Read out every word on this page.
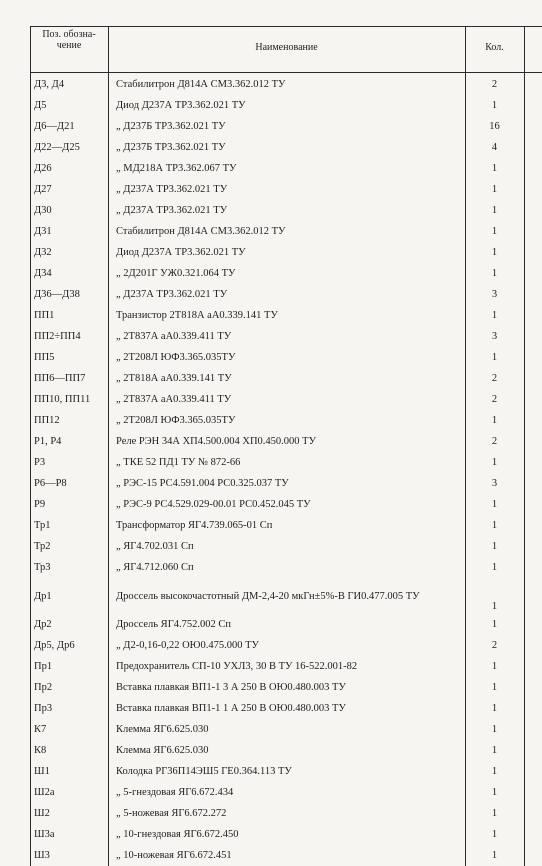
Поз. обозна-чение	Наименование	Кол.
Д3, Д4	Стабилитрон Д814А СМ3.362.012 ТУ	2	
Д5	Диод Д237А ТР3.362.021 ТУ	1	
Д6—Д21	„ Д237Б ТР3.362.021 ТУ	16	
Д22—Д25	„ Д237Б ТР3.362.021 ТУ	4	
Д26	„ МД218А ТР3.362.067 ТУ	1	
Д27	„ Д237А ТР3.362.021 ТУ	1	
Д30	„ Д237А ТР3.362.021 ТУ	1	
Д31	Стабилитрон Д814А СМ3.362.012 ТУ	1	
Д32	Диод Д237А ТР3.362.021 ТУ	1	
Д34	„ 2Д201Г УЖ0.321.064 ТУ	1	
Д36—Д38	„ Д237А ТР3.362.021 ТУ	3	
ПП1	Транзистор 2Т818А аА0.339.141 ТУ	1	
ПП2÷ПП4	„ 2Т837А аА0.339.411 ТУ	3	
ПП5	„ 2Т208Л ЮФ3.365.035ТУ	1	
ПП6—ПП7	„ 2Т818А аА0.339.141 ТУ	2	
ПП10, ПП11	„ 2Т837А аА0.339.411 ТУ	2	
ПП12	„ 2Т208Л ЮФ3.365.035ТУ	1	
Р1, Р4	Реле РЭН 34А ХП4.500.004 ХП0.450.000 ТУ	2	
Р3	„ ТКЕ 52 ПД1 ТУ № 872-66	1	
Р6—Р8	„ РЭС-15 РС4.591.004 РС0.325.037 ТУ	3	
Р9	„ РЭС-9 РС4.529.029-00.01 РС0.452.045 ТУ	1	
Тр1	Трансформатор ЯГ4.739.065-01 Сп	1	
Тр2	„ ЯГ4.702.031 Сп	1	
Тр3	„ ЯГ4.712.060 Сп	1	
Др1	Дроссель высокочастотный ДМ-2,4-20 мкГн±5%-В ГИ0.477.005 ТУ	1	
Др2	Дроссель ЯГ4.752.002 Сп	1	
Др5, Др6	„ Д2-0,16-0,22 ОЮ0.475.000 ТУ	2	
Пр1	Предохранитель СП-10 УХЛ3, 30 В ТУ 16-522.001-82	1	
Пр2	Вставка плавкая ВП1-1 3 А 250 В ОЮ0.480.003 ТУ	1	
Пр3	Вставка плавкая ВП1-1 1 А 250 В ОЮ0.480.003 ТУ	1	
К7	Клемма ЯГ6.625.030	1	
К8	Клемма ЯГ6.625.030	1	
Ш1	Колодка РГ36П14ЭШ5 ГЕ0.364.113 ТУ	1	
Ш2а	„ 5-гнездовая ЯГ6.672.434	1	
Ш2	„ 5-ножевая ЯГ6.672.272	1	
Ш3а	„ 10-гнездовая ЯГ6.672.450	1	
Ш3	„ 10-ножевая ЯГ6.672.451	1	
